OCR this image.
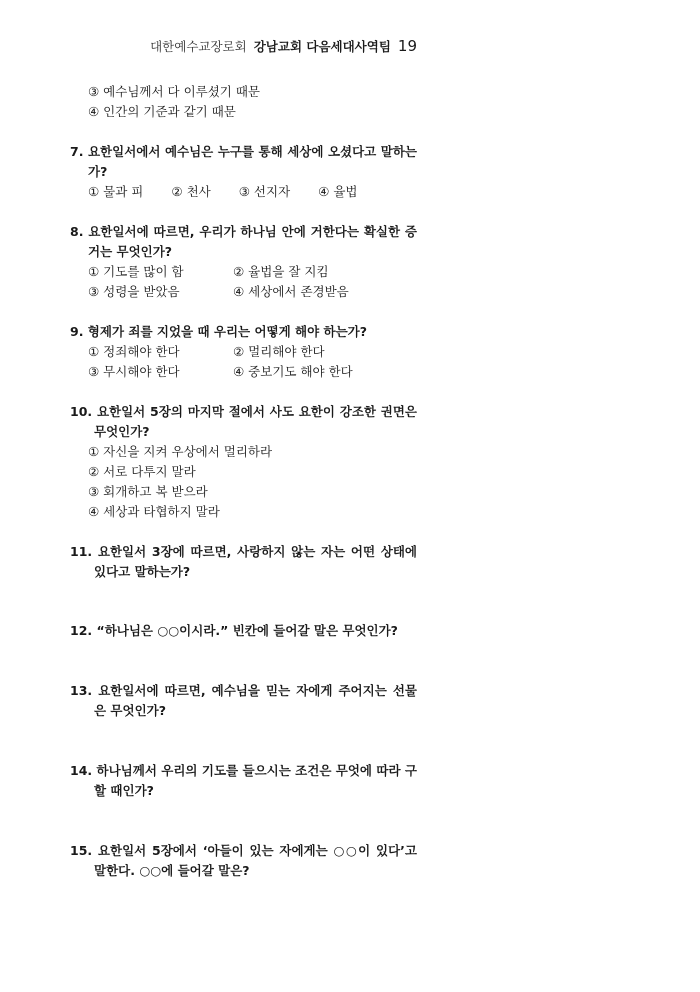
대한예수교장로회 강남교회 다음세대사역팀 19
③ 예수님께서 다 이루셨기 때문
④ 인간의 기준과 같기 때문
7. 요한일서에서 예수님은 누구를 통해 세상에 오셨다고 말하는가?
① 물과 피 ② 천사 ③ 선지자 ④ 율법
8. 요한일서에 따르면, 우리가 하나님 안에 거한다는 확실한 증거는 무엇인가?
① 기도를 많이 함	② 율법을 잘 지킴
③ 성령을 받았음	④ 세상에서 존경받음
9. 형제가 죄를 지었을 때 우리는 어떻게 해야 하는가?
① 정죄해야 한다	② 멀리해야 한다
③ 무시해야 한다	④ 중보기도 해야 한다
10. 요한일서 5장의 마지막 절에서 사도 요한이 강조한 권면은 무엇인가?
① 자신을 지켜 우상에서 멀리하라
② 서로 다투지 말라
③ 회개하고 복 받으라
④ 세상과 타협하지 말라
11. 요한일서 3장에 따르면, 사랑하지 않는 자는 어떤 상태에 있다고 말하는가?
12. “하나님은 ○○이시라.” 빈칸에 들어갈 말은 무엇인가?
13. 요한일서에 따르면, 예수님을 믿는 자에게 주어지는 선물은 무엇인가?
14. 하나님께서 우리의 기도를 들으시는 조건은 무엇에 따라 구할 때인가?
15. 요한일서 5장에서 ‘아들이 있는 자에게는 ○○이 있다’고 말한다. ○○에 들어갈 말은?
